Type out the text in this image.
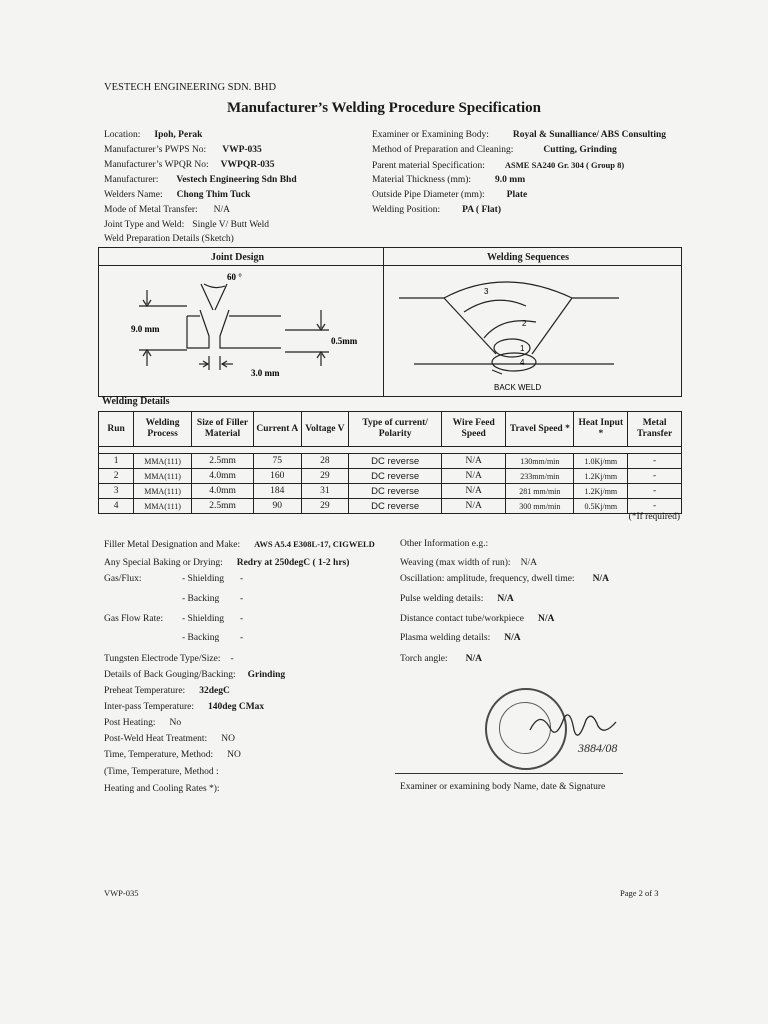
VESTECH ENGINEERING SDN. BHD
Manufacturer’s Welding Procedure Specification
Location: Ipoh, Perak
Manufacturer’s PWPS No: VWP-035
Manufacturer’s WPQR No: VWPQR-035
Manufacturer: Vestech Engineering Sdn Bhd
Welders Name: Chong Thim Tuck
Mode of Metal Transfer: N/A
Joint Type and Weld: Single V/ Butt Weld
Weld Preparation Details (Sketch)
Examiner or Examining Body:	Royal & Sunalliance/ ABS Consulting
Method of Preparation and Cleaning:	Cutting, Grinding
Parent material Specification: ASME SA240 Gr. 304 ( Group 8)
Material Thickness (mm):	9.0 mm
Outside Pipe Diameter (mm): Plate
Welding Position: PA ( Flat)
Joint Design	Welding Sequences
60 °
9.0 mm
0.5mm
3.0 mm
3
2
1
4
BACK WELD
Welding Details
Run	Welding Process	Size of Filler Material	Current A	Voltage V	Type of current/ Polarity	Wire Feed Speed	Travel Speed *	Heat Input *	Metal Transfer

1	MMA(111)	2.5mm	75	28	DC reverse	N/A	130mm/min	1.0Kj/mm	-
2	MMA(111)	4.0mm	160	29	DC reverse	N/A	233mm/min	1.2Kj/mm	-
3	MMA(111)	4.0mm	184	31	DC reverse	N/A	281 mm/min	1.2Kj/mm	-
4	MMA(111)	2.5mm	90	29	DC reverse	N/A	300 mm/min	0.5Kj/mm	-
(*If required)
Filler Metal Designation and Make: AWS A5.4 E308L-17, CIGWELD
Any Special Baking or Drying: Redry at 250degC ( 1-2 hrs)
Gas/Flux:	- Shielding -
- Backing -
Gas Flow Rate: - Shielding -
- Backing -
Tungsten Electrode Type/Size: -
Details of Back Gouging/Backing: Grinding
Preheat Temperature: 32degC
Inter-pass Temperature: 140deg CMax
Post Heating: No
Post-Weld Heat Treatment: NO
Time, Temperature, Method: NO
(Time, Temperature, Method :
Heating and Cooling Rates *):
Other Information e.g.:
Weaving (max width of run): N/A
Oscillation: amplitude, frequency, dwell time: N/A
Pulse welding details: N/A
Distance contact tube/workpiece N/A
Plasma welding details: N/A
Torch angle: N/A
3884/08
Examiner or examining body Name, date & Signature
VWP-035	Page 2 of 3
